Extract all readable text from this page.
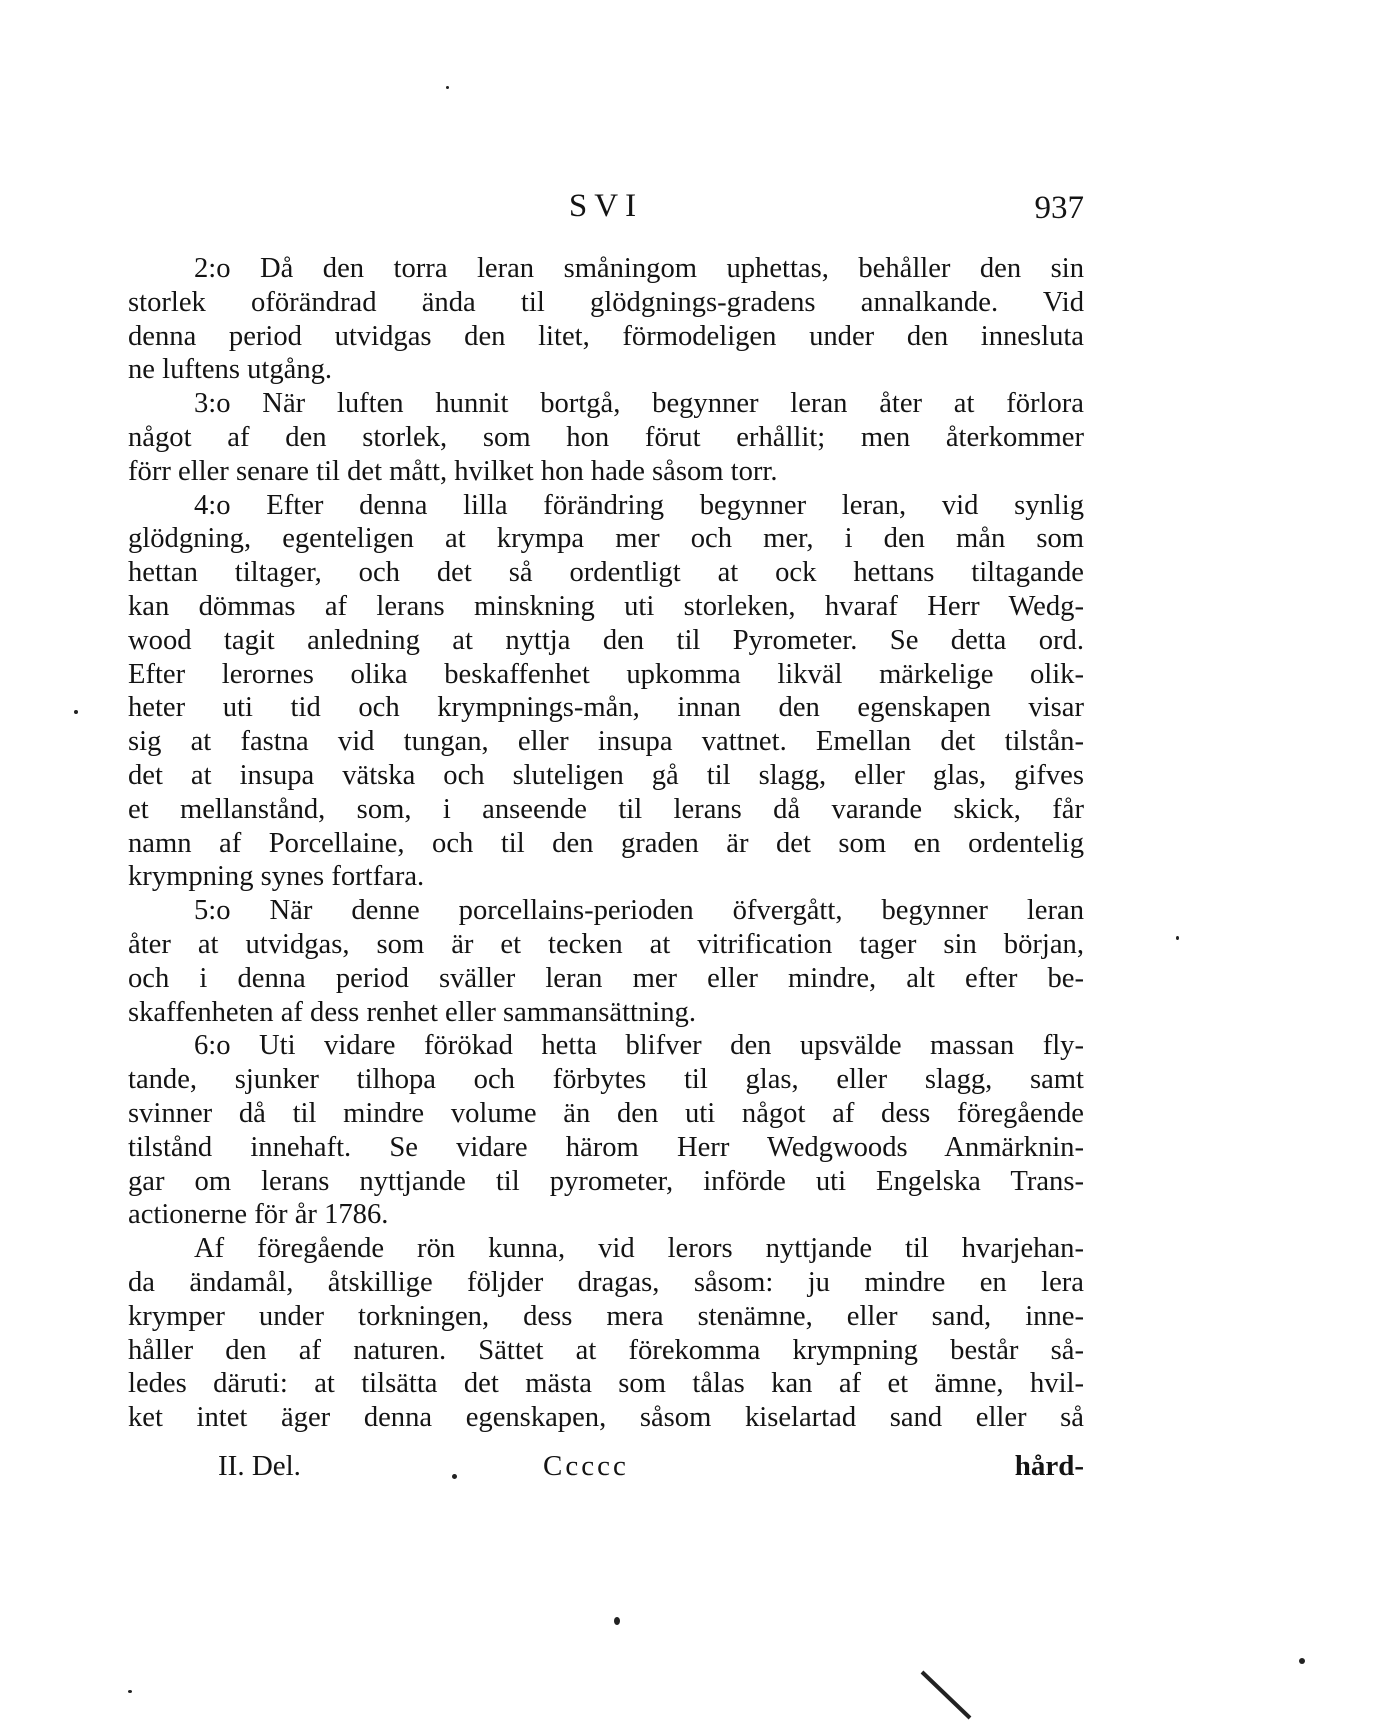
SVI	937
2:o Då den torra leran småningom uphettas, behåller den sin
storlek oförändrad ända til glödgnings-gradens annalkande. Vid
denna period utvidgas den litet, förmodeligen under den innesluta
ne luftens utgång.
3:o När luften hunnit bortgå, begynner leran åter at förlora
något af den storlek, som hon förut erhållit; men återkommer
förr eller senare til det mått, hvilket hon hade såsom torr.
4:o Efter denna lilla förändring begynner leran, vid synlig
glödgning, egenteligen at krympa mer och mer, i den mån som
hettan tiltager, och det så ordentligt at ock hettans tiltagande
kan dömmas af lerans minskning uti storleken, hvaraf Herr Wedg-
wood tagit anledning at nyttja den til Pyrometer. Se detta ord.
Efter lerornes olika beskaffenhet upkomma likväl märkelige olik-
heter uti tid och krympnings-mån, innan den egenskapen visar
sig at fastna vid tungan, eller insupa vattnet. Emellan det tilstån-
det at insupa vätska och sluteligen gå til slagg, eller glas, gifves
et mellanstånd, som, i anseende til lerans då varande skick, får
namn af Porcellaine, och til den graden är det som en ordentelig
krympning synes fortfara.
5:o När denne porcellains-perioden öfvergått, begynner leran
åter at utvidgas, som är et tecken at vitrification tager sin början,
och i denna period sväller leran mer eller mindre, alt efter be-
skaffenheten af dess renhet eller sammansättning.
6:o Uti vidare förökad hetta blifver den upsvälde massan fly-
tande, sjunker tilhopa och förbytes til glas, eller slagg, samt
svinner då til mindre volume än den uti något af dess föregående
tilstånd innehaft. Se vidare härom Herr Wedgwoods Anmärknin-
gar om lerans nyttjande til pyrometer, införde uti Engelska Trans-
actionerne för år 1786.
Af föregående rön kunna, vid lerors nyttjande til hvarjehan-
da ändamål, åtskillige följder dragas, såsom: ju mindre en lera
krymper under torkningen, dess mera stenämne, eller sand, inne-
håller den af naturen. Sättet at förekomma krympning består så-
ledes däruti: at tilsätta det mästa som tålas kan af et ämne, hvil-
ket intet äger denna egenskapen, såsom kiselartad sand eller så
II. Del.	Ccccc	hård-
